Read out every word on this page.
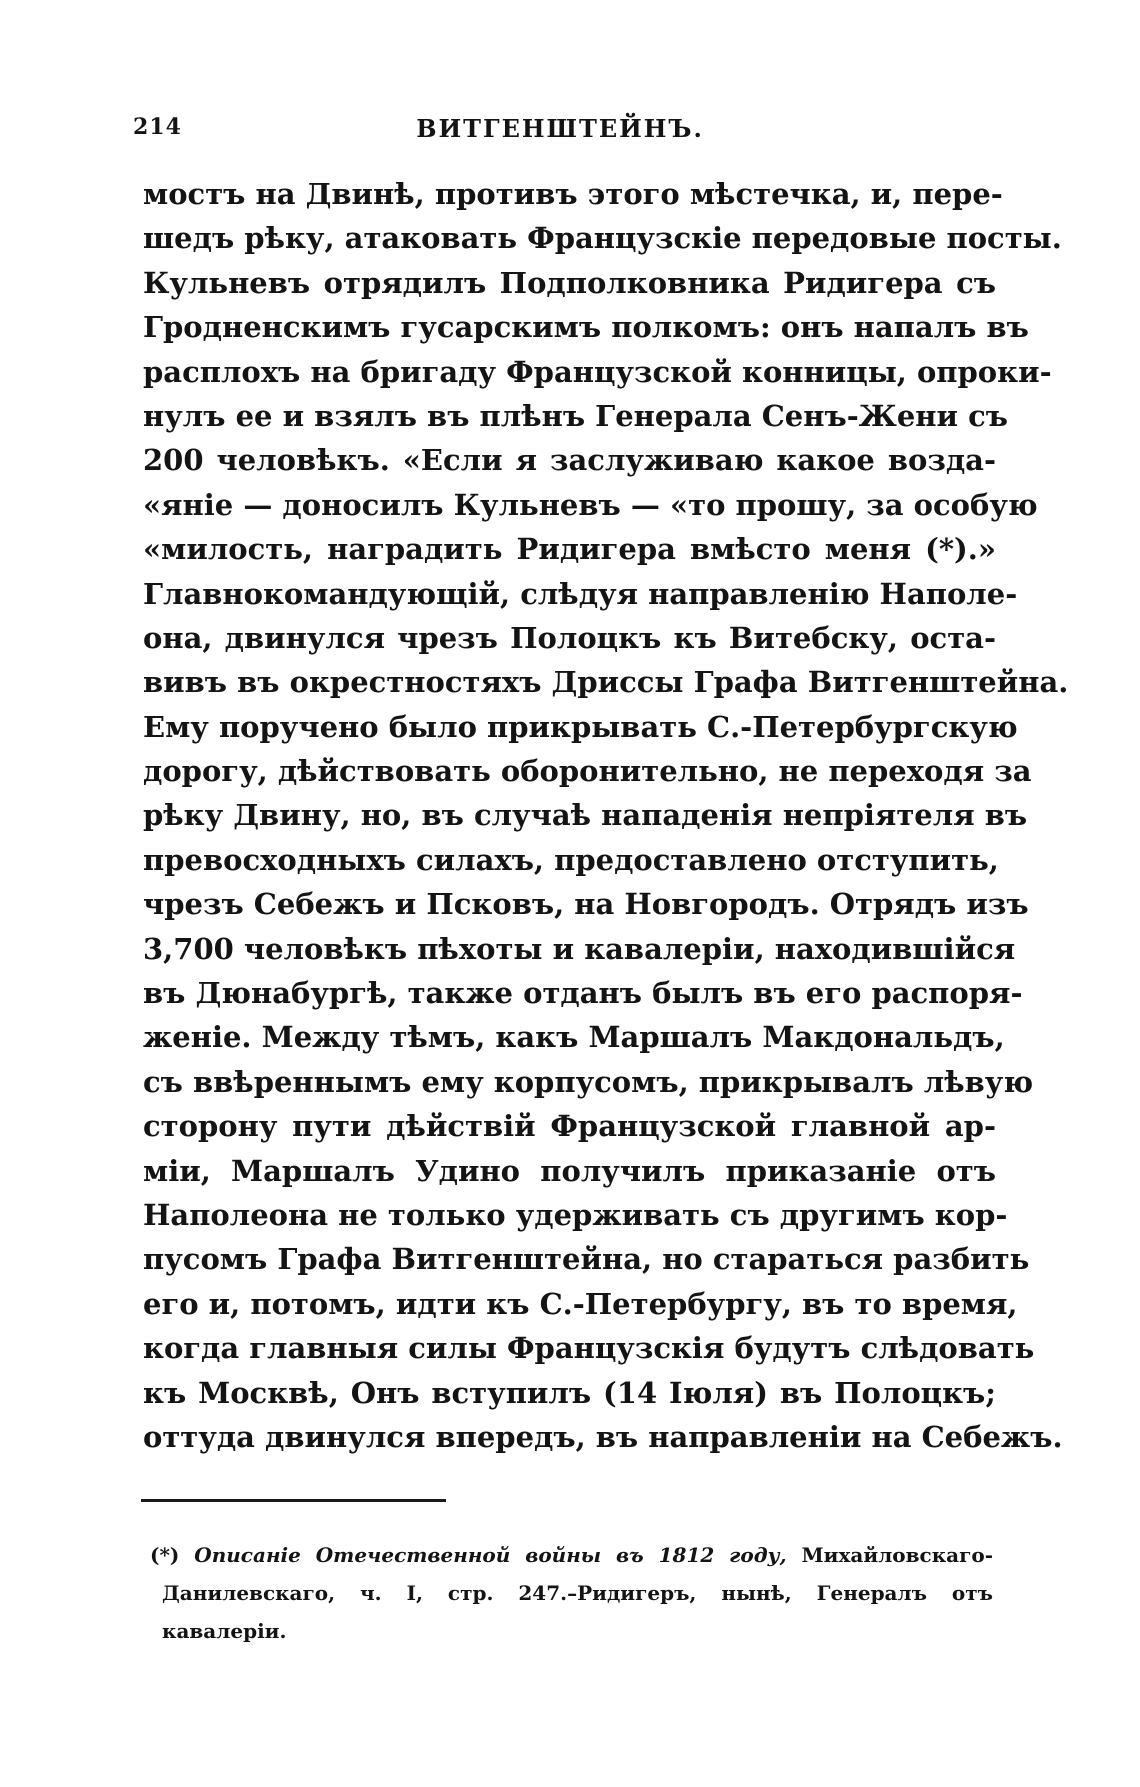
214	ВИТГЕНШТЕЙНЪ.
мостъ на Двинѣ, противъ этого мѣстечка, и, пере-
шедъ рѣку, атаковать Французскіе передовые посты.
Кульневъ отрядилъ Подполковника Ридигера съ
Гродненскимъ гусарскимъ полкомъ: онъ напалъ въ
расплохъ на бригаду Французской конницы, опроки-
нулъ ее и взялъ въ плѣнъ Генерала Сенъ-Жени съ
200 человѣкъ. «Если я заслуживаю какое возда-
«яніе — доносилъ Кульневъ — «то прошу, за особую
«милость, наградить Ридигера вмѣсто меня (*).»
Главнокомандующій, слѣдуя направленію Наполе-
она, двинулся чрезъ Полоцкъ къ Витебску, оста-
вивъ въ окрестностяхъ Дриссы Графа Витгенштейна.
Ему поручено было прикрывать С.-Петербургскую
дорогу, дѣйствовать оборонительно, не переходя за
рѣку Двину, но, въ случаѣ нападенія непріятеля въ
превосходныхъ силахъ, предоставлено отступить,
чрезъ Себежъ и Псковъ, на Новгородъ. Отрядъ изъ
3,700 человѣкъ пѣхоты и кавалеріи, находившійся
въ Дюнабургѣ, также отданъ былъ въ его распоря-
женіе. Между тѣмъ, какъ Маршалъ Макдональдъ,
съ ввѣреннымъ ему корпусомъ, прикрывалъ лѣвую
сторону пути дѣйствій Французской главной ар-
міи, Маршалъ Удино получилъ приказаніе отъ
Наполеона не только удерживать съ другимъ кор-
пусомъ Графа Витгенштейна, но стараться разбить
его и, потомъ, идти къ С.-Петербургу, въ то время,
когда главныя силы Французскія будутъ слѣдовать
къ Москвѣ, Онъ вступилъ (14 Іюля) въ Полоцкъ;
оттуда двинулся впередъ, въ направленіи на Себежъ.
(*) Описаніе Отечественной войны въ 1812 году, Михайловскаго-
Данилевскаго, ч. I, стр. 247.–Ридигеръ, нынѣ, Генералъ отъ
кавалеріи.
